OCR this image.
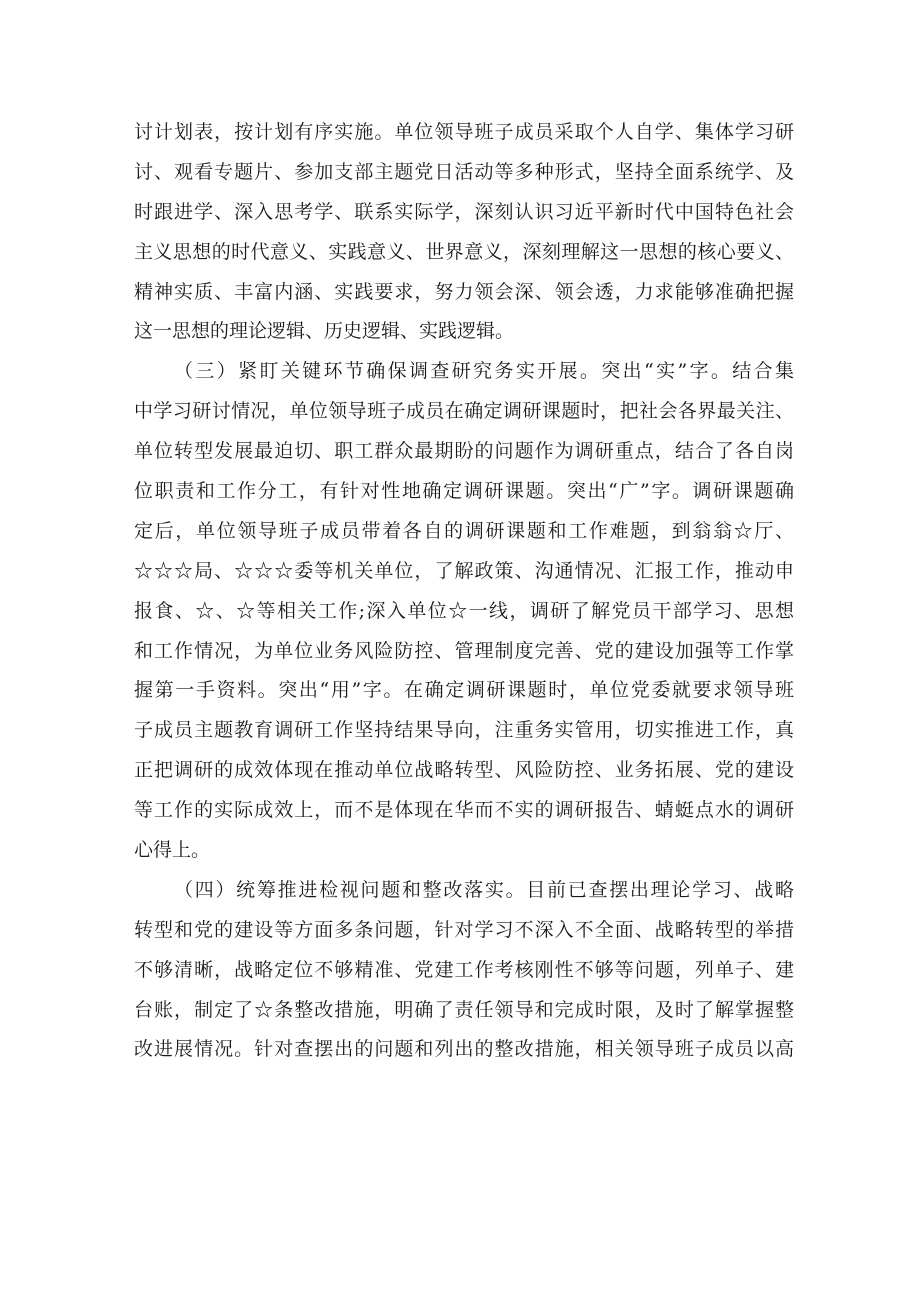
讨计划表，按计划有序实施。单位领导班子成员采取个人自学、集体学习研
讨、观看专题片、参加支部主题党日活动等多种形式，坚持全面系统学、及
时跟进学、深入思考学、联系实际学，深刻认识习近平新时代中国特色社会
主义思想的时代意义、实践意义、世界意义，深刻理解这一思想的核心要义、
精神实质、丰富内涵、实践要求，努力领会深、领会透，力求能够准确把握
这一思想的理论逻辑、历史逻辑、实践逻辑。
（三）紧盯关键环节确保调查研究务实开展。突出“实”字。结合集
中学习研讨情况，单位领导班子成员在确定调研课题时，把社会各界最关注、
单位转型发展最迫切、职工群众最期盼的问题作为调研重点，结合了各自岗
位职责和工作分工，有针对性地确定调研课题。突出“广”字。调研课题确
定后，单位领导班子成员带着各自的调研课题和工作难题，到翁翁☆厅、
☆☆☆局、☆☆☆委等机关单位，了解政策、沟通情况、汇报工作，推动申
报食、☆、☆等相关工作;深入单位☆一线，调研了解党员干部学习、思想
和工作情况，为单位业务风险防控、管理制度完善、党的建设加强等工作掌
握第一手资料。突出“用”字。在确定调研课题时，单位党委就要求领导班
子成员主题教育调研工作坚持结果导向，注重务实管用，切实推进工作，真
正把调研的成效体现在推动单位战略转型、风险防控、业务拓展、党的建设
等工作的实际成效上，而不是体现在华而不实的调研报告、蜻蜓点水的调研
心得上。
（四）统筹推进检视问题和整改落实。目前已查摆出理论学习、战略
转型和党的建设等方面多条问题，针对学习不深入不全面、战略转型的举措
不够清晰，战略定位不够精准、党建工作考核刚性不够等问题，列单子、建
台账，制定了☆条整改措施，明确了责任领导和完成时限，及时了解掌握整
改进展情况。针对查摆出的问题和列出的整改措施，相关领导班子成员以高
